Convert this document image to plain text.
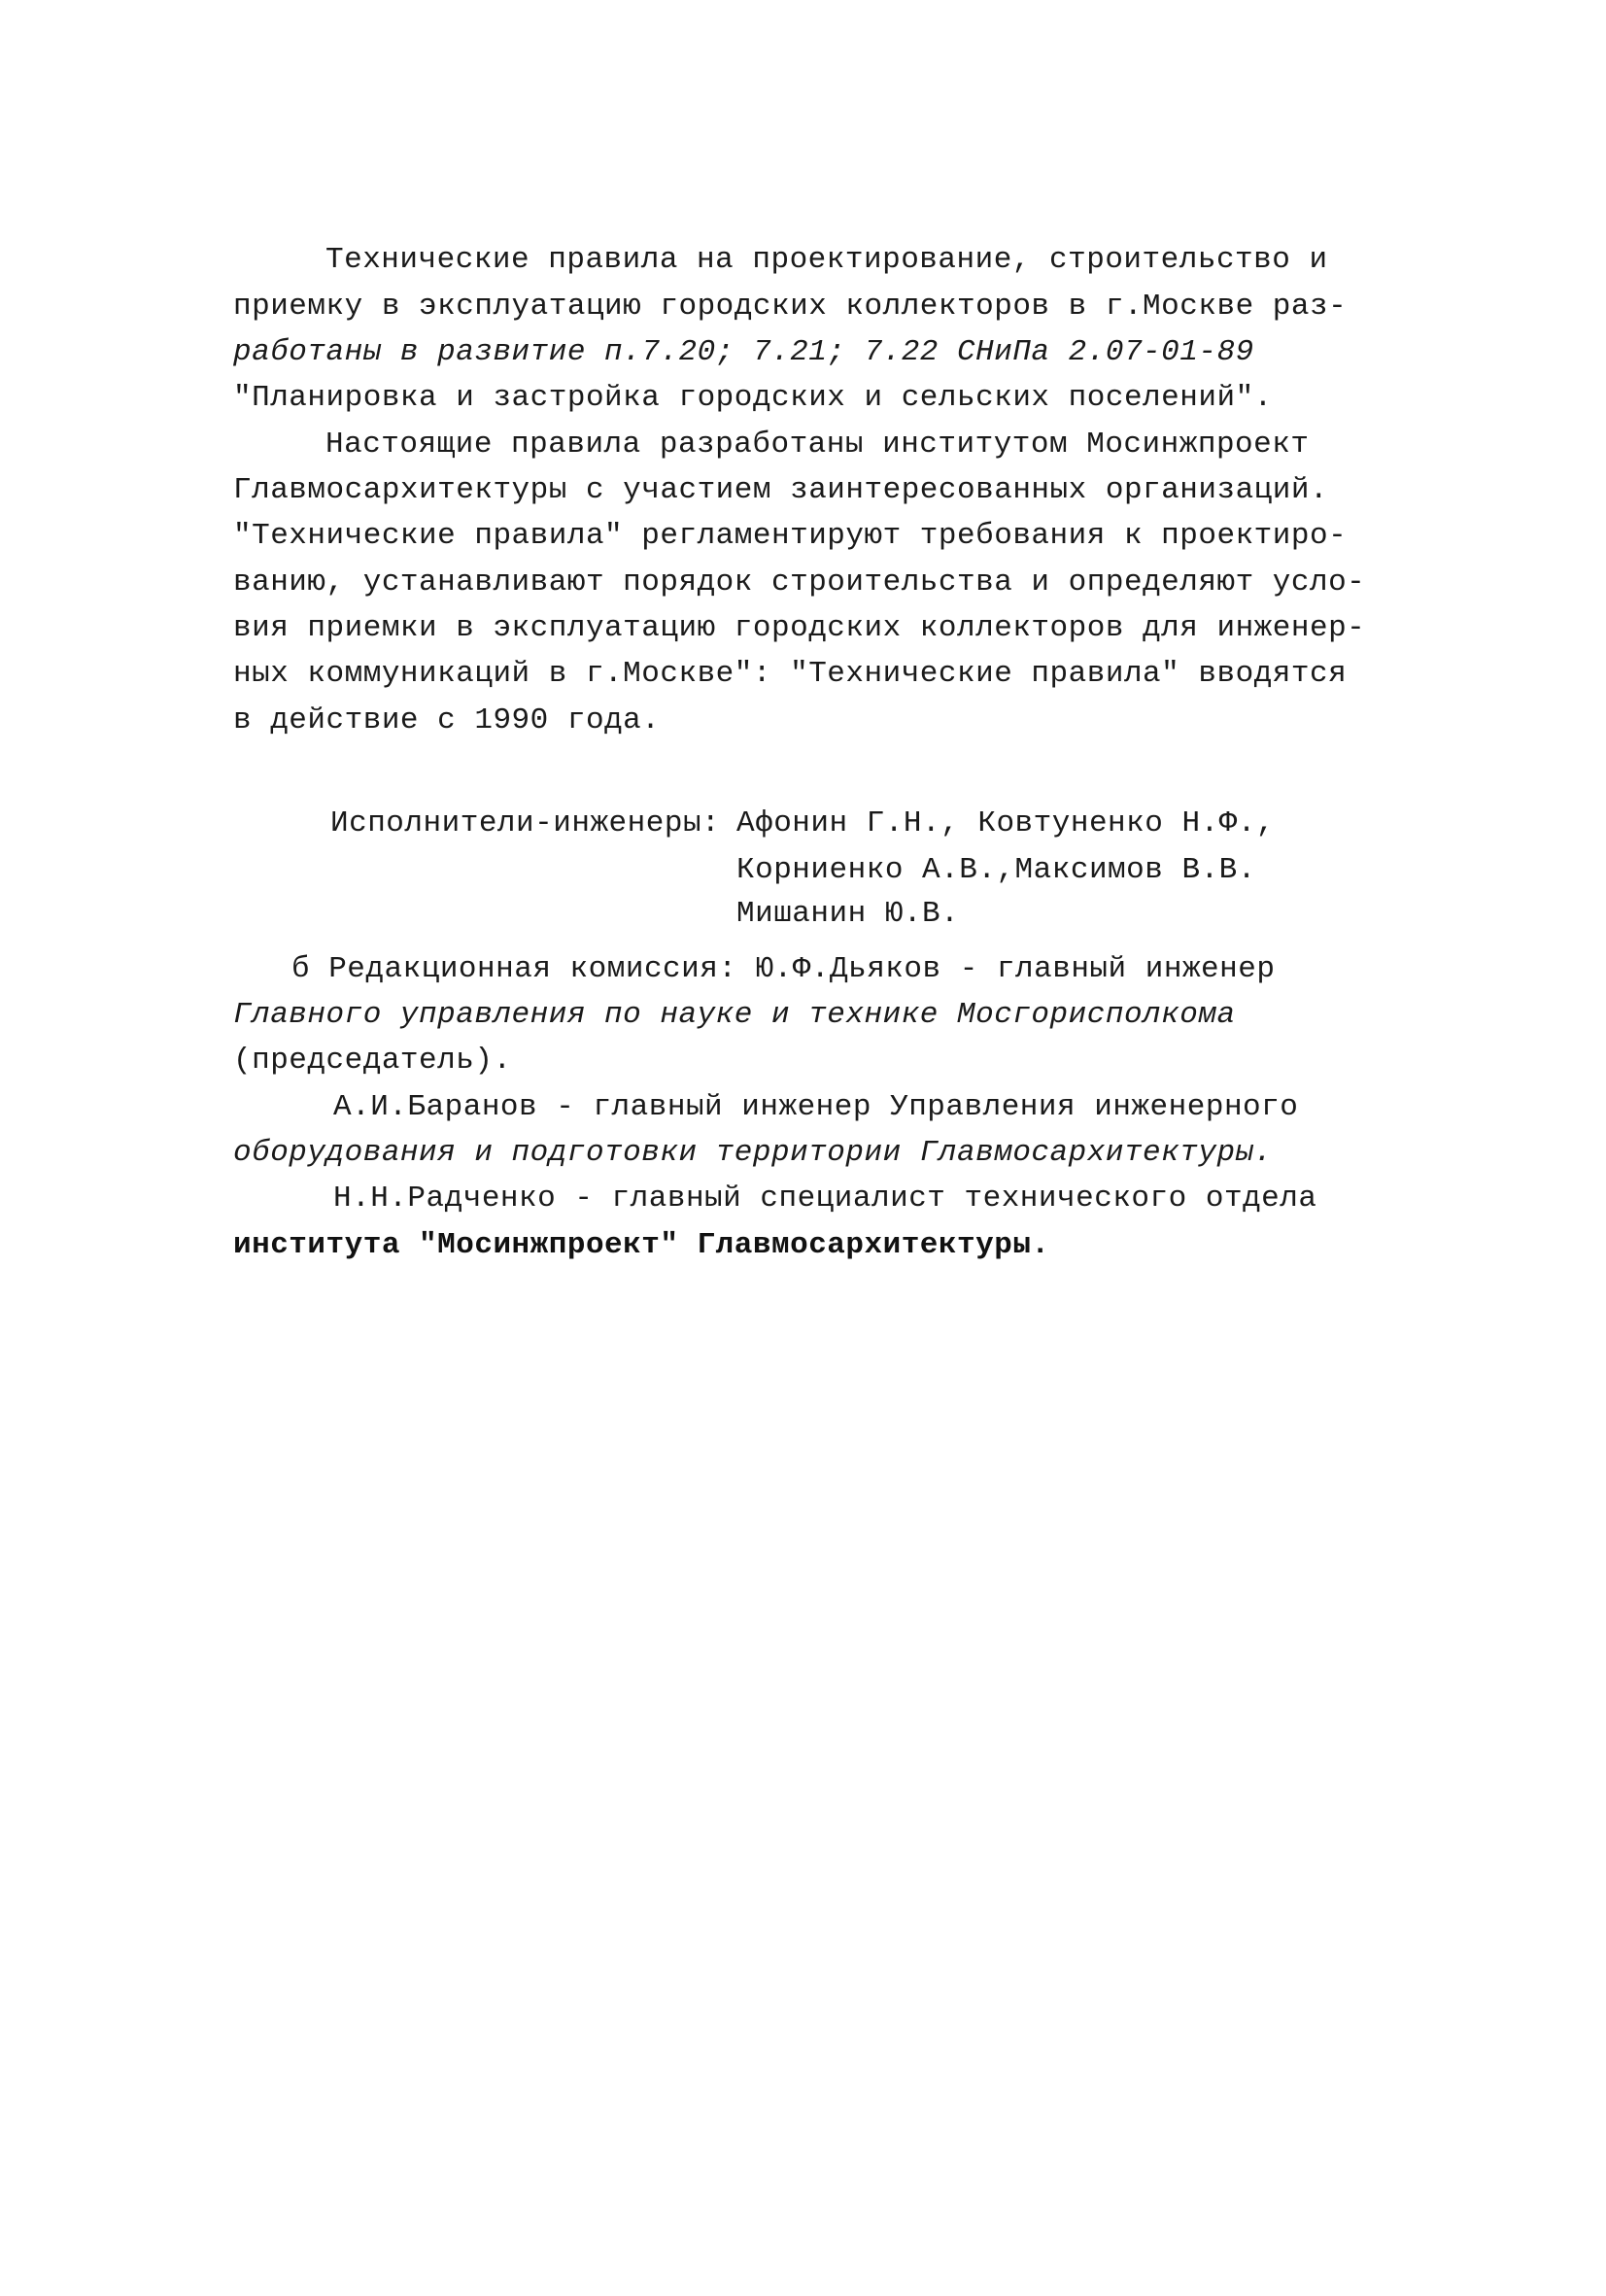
Технические правила на проектирование, строительство и
приемку в эксплуатацию городских коллекторов в г.Москве раз-
работаны в развитие п.7.20; 7.21; 7.22 СНиПа 2.07-01-89
"Планировка и застройка городских и сельских поселений".
Настоящие правила разработаны институтом Мосинжпроект
Главмосархитектуры с участием заинтересованных организаций.
"Технические правила" регламентируют требования к проектиро-
ванию, устанавливают порядок строительства и определяют усло-
вия приемки в эксплуатацию городских коллекторов для инженер-
ных коммуникаций в г.Москве": "Технические правила" вводятся
в действие с 1990 года.
Исполнители-инженеры: Афонин Г.Н., Ковтуненко Н.Ф.,
Корниенко А.В.,Максимов В.В.
Мишанин Ю.В.
б Редакционная комиссия: Ю.Ф.Дьяков - главный инженер
Главного управления по науке и технике Мосгорисполкома
(председатель).
А.И.Баранов - главный инженер Управления инженерного
оборудования и подготовки территории Главмосархитектуры.
Н.Н.Радченко - главный специалист технического отдела
института "Мосинжпроект" Главмосархитектуры.
